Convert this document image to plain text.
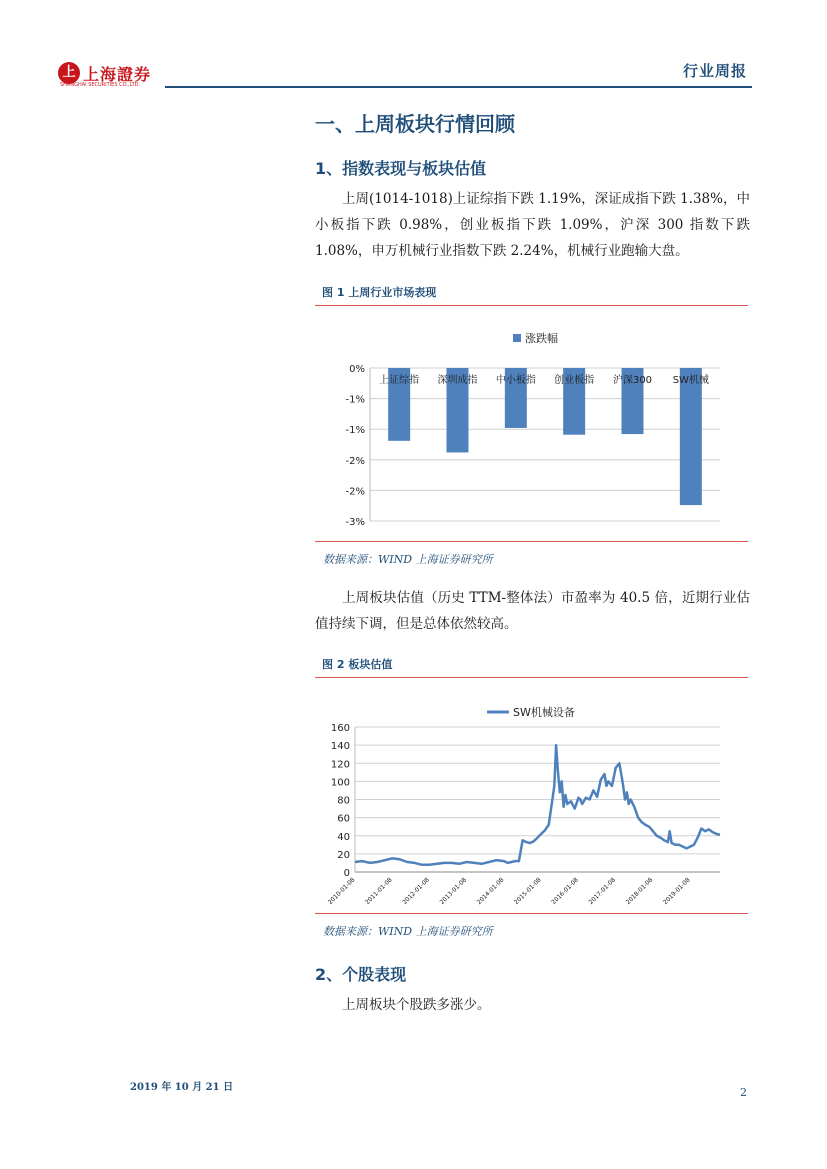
上 上海證券
SHANGHAI SECURITIES CO.,LTD.
行业周报
一、上周板块行情回顾
1、指数表现与板块估值
上周(1014-1018)上证综指下跌 1.19%，深证成指下跌 1.38%，中小板指下跌 0.98%，创业板指下跌 1.09%，沪深 300 指数下跌 1.08%，申万机械行业指数下跌 2.24%，机械行业跑输大盘。
图 1 上周行业市场表现
0%
-1%
-1%
-2%
-2%
-3%
上证综指 深圳成指 中小板指 创业板指 沪深300 SW机械
涨跌幅
数据来源：WIND 上海证券研究所
上周板块估值（历史 TTM-整体法）市盈率为 40.5 倍，近期行业估值持续下调，但是总体依然较高。
图 2 板块估值
SW机械设备
160
140
120
100
80
60
40
20
0
2010-01-08 2011-01-08 2012-01-08 2013-01-08 2014-01-08 2015-01-08 2016-01-08 2017-01-08 2018-01-08 2019-01-08
数据来源：WIND 上海证券研究所
2、个股表现
上周板块个股跌多涨少。
2019 年 10 月 21 日	2
